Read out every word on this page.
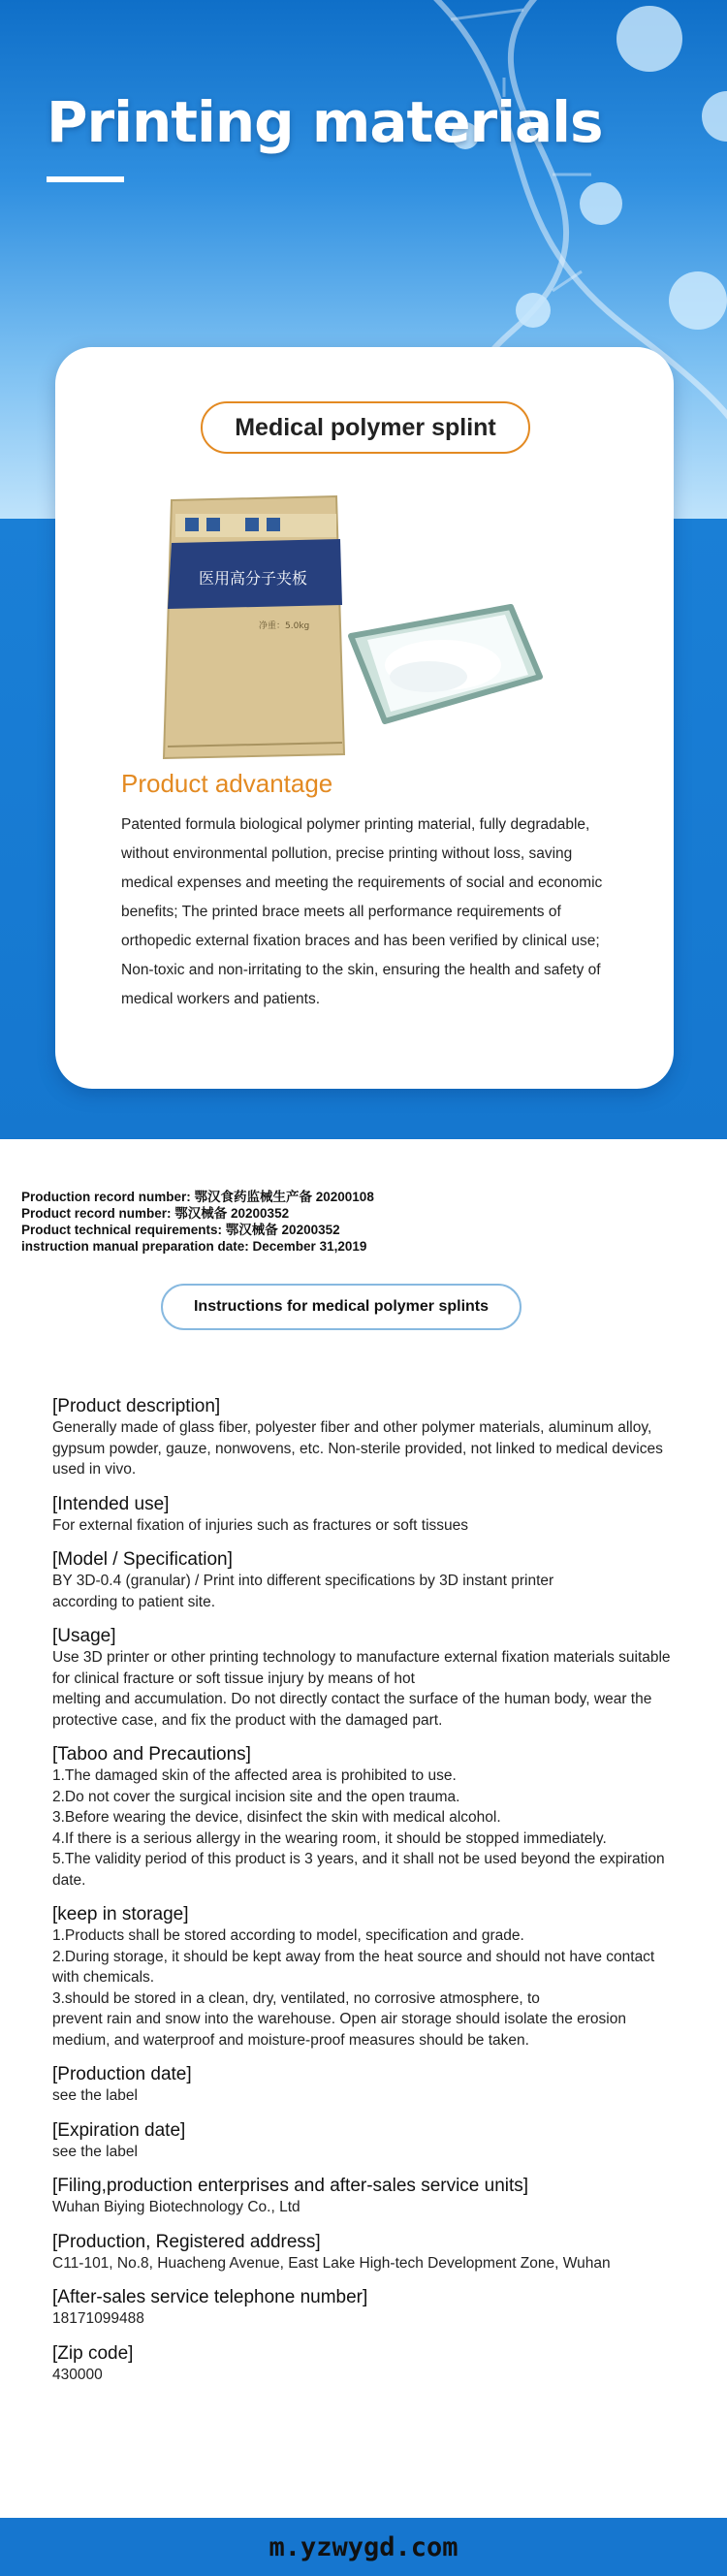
Printing materials
Medical polymer splint
医用高分子夹板
净重：5.0kg
Product advantage
Patented formula biological polymer printing material, fully degradable, without environmental pollution, precise printing without loss, saving medical expenses and meeting the requirements of social and economic benefits; The printed brace meets all performance requirements of orthopedic external fixation braces and has been verified by clinical use; Non-toxic and non-irritating to the skin, ensuring the health and safety of medical workers and patients.
Production record number: 鄂汉食药监械生产备 20200108
Product record number: 鄂汉械备 20200352
Product technical requirements: 鄂汉械备 20200352
instruction manual preparation date: December 31,2019
Instructions for medical polymer splints
[Product description]
Generally made of glass fiber, polyester fiber and other polymer materials, aluminum alloy, gypsum powder, gauze, nonwovens, etc. Non-sterile provided, not linked to medical devices used in vivo.
[Intended use]
For external fixation of injuries such as fractures or soft tissues
[Model / Specification]
BY 3D-0.4 (granular) / Print into different specifications by 3D instant printer
according to patient site.
[Usage]
Use 3D printer or other printing technology to manufacture external fixation materials suitable for clinical fracture or soft tissue injury by means of hot
melting and accumulation. Do not directly contact the surface of the human body, wear the protective case, and fix the product with the damaged part.
[Taboo and Precautions]
1.The damaged skin of the affected area is prohibited to use.
2.Do not cover the surgical incision site and the open trauma.
3.Before wearing the device, disinfect the skin with medical alcohol.
4.If there is a serious allergy in the wearing room, it should be stopped immediately.
5.The validity period of this product is 3 years, and it shall not be used beyond the expiration date.
[keep in storage]
1.Products shall be stored according to model, specification and grade.
2.During storage, it should be kept away from the heat source and should not have contact with chemicals.
3.should be stored in a clean, dry, ventilated, no corrosive atmosphere, to
prevent rain and snow into the warehouse. Open air storage should isolate the erosion medium, and waterproof and moisture-proof measures should be taken.
[Production date]
see the label
[Expiration date]
see the label
[Filing,production enterprises and after-sales service units]
Wuhan Biying Biotechnology Co., Ltd
[Production, Registered address]
C11-101, No.8, Huacheng Avenue, East Lake High-tech Development Zone, Wuhan
[After-sales service telephone number]
18171099488
[Zip code]
430000
m.yzwygd.com
